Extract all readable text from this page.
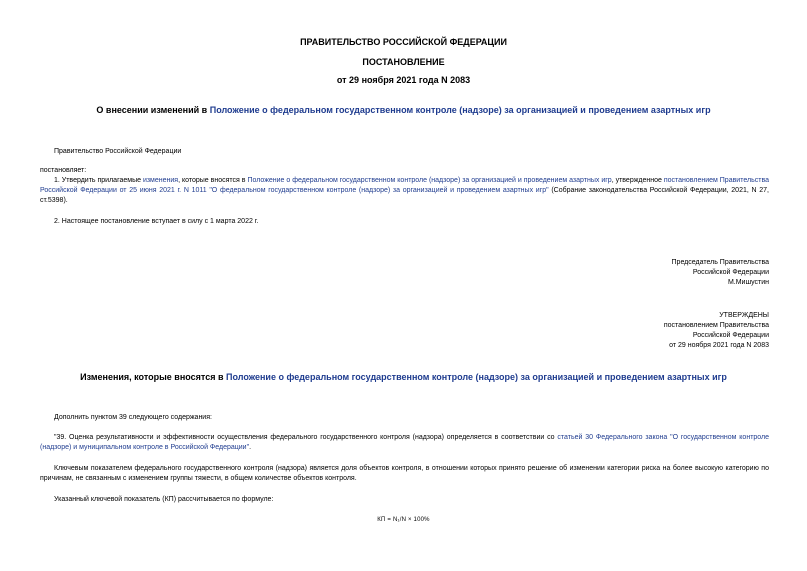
ПРАВИТЕЛЬСТВО РОССИЙСКОЙ ФЕДЕРАЦИИ
ПОСТАНОВЛЕНИЕ
от 29 ноября 2021 года N 2083
О внесении изменений в Положение о федеральном государственном контроле (надзоре) за организацией и проведением азартных игр
Правительство Российской Федерации
постановляет:
1. Утвердить прилагаемые изменения, которые вносятся в Положение о федеральном государственном контроле (надзоре) за организацией и проведением азартных игр, утвержденное постановлением Правительства Российской Федерации от 25 июня 2021 г. N 1011 "О федеральном государственном контроле (надзоре) за организацией и проведением азартных игр" (Собрание законодательства Российской Федерации, 2021, N 27, ст.5398).
2. Настоящее постановление вступает в силу с 1 марта 2022 г.
Председатель Правительства
Российской Федерации
М.Мишустин
УТВЕРЖДЕНЫ
постановлением Правительства
Российской Федерации
от 29 ноября 2021 года N 2083
Изменения, которые вносятся в Положение о федеральном государственном контроле (надзоре) за организацией и проведением азартных игр
Дополнить пунктом 39 следующего содержания:
"39. Оценка результативности и эффективности осуществления федерального государственного контроля (надзора) определяется в соответствии со статьей 30 Федерального закона "О государственном контроле (надзоре) и муниципальном контроле в Российской Федерации".
Ключевым показателем федерального государственного контроля (надзора) является доля объектов контроля, в отношении которых принято решение об изменении категории риска на более высокую категорию по причинам, не связанным с изменением группы тяжести, в общем количестве объектов контроля.
Указанный ключевой показатель (КП) рассчитывается по формуле:
КП = N₁/N × 100%
